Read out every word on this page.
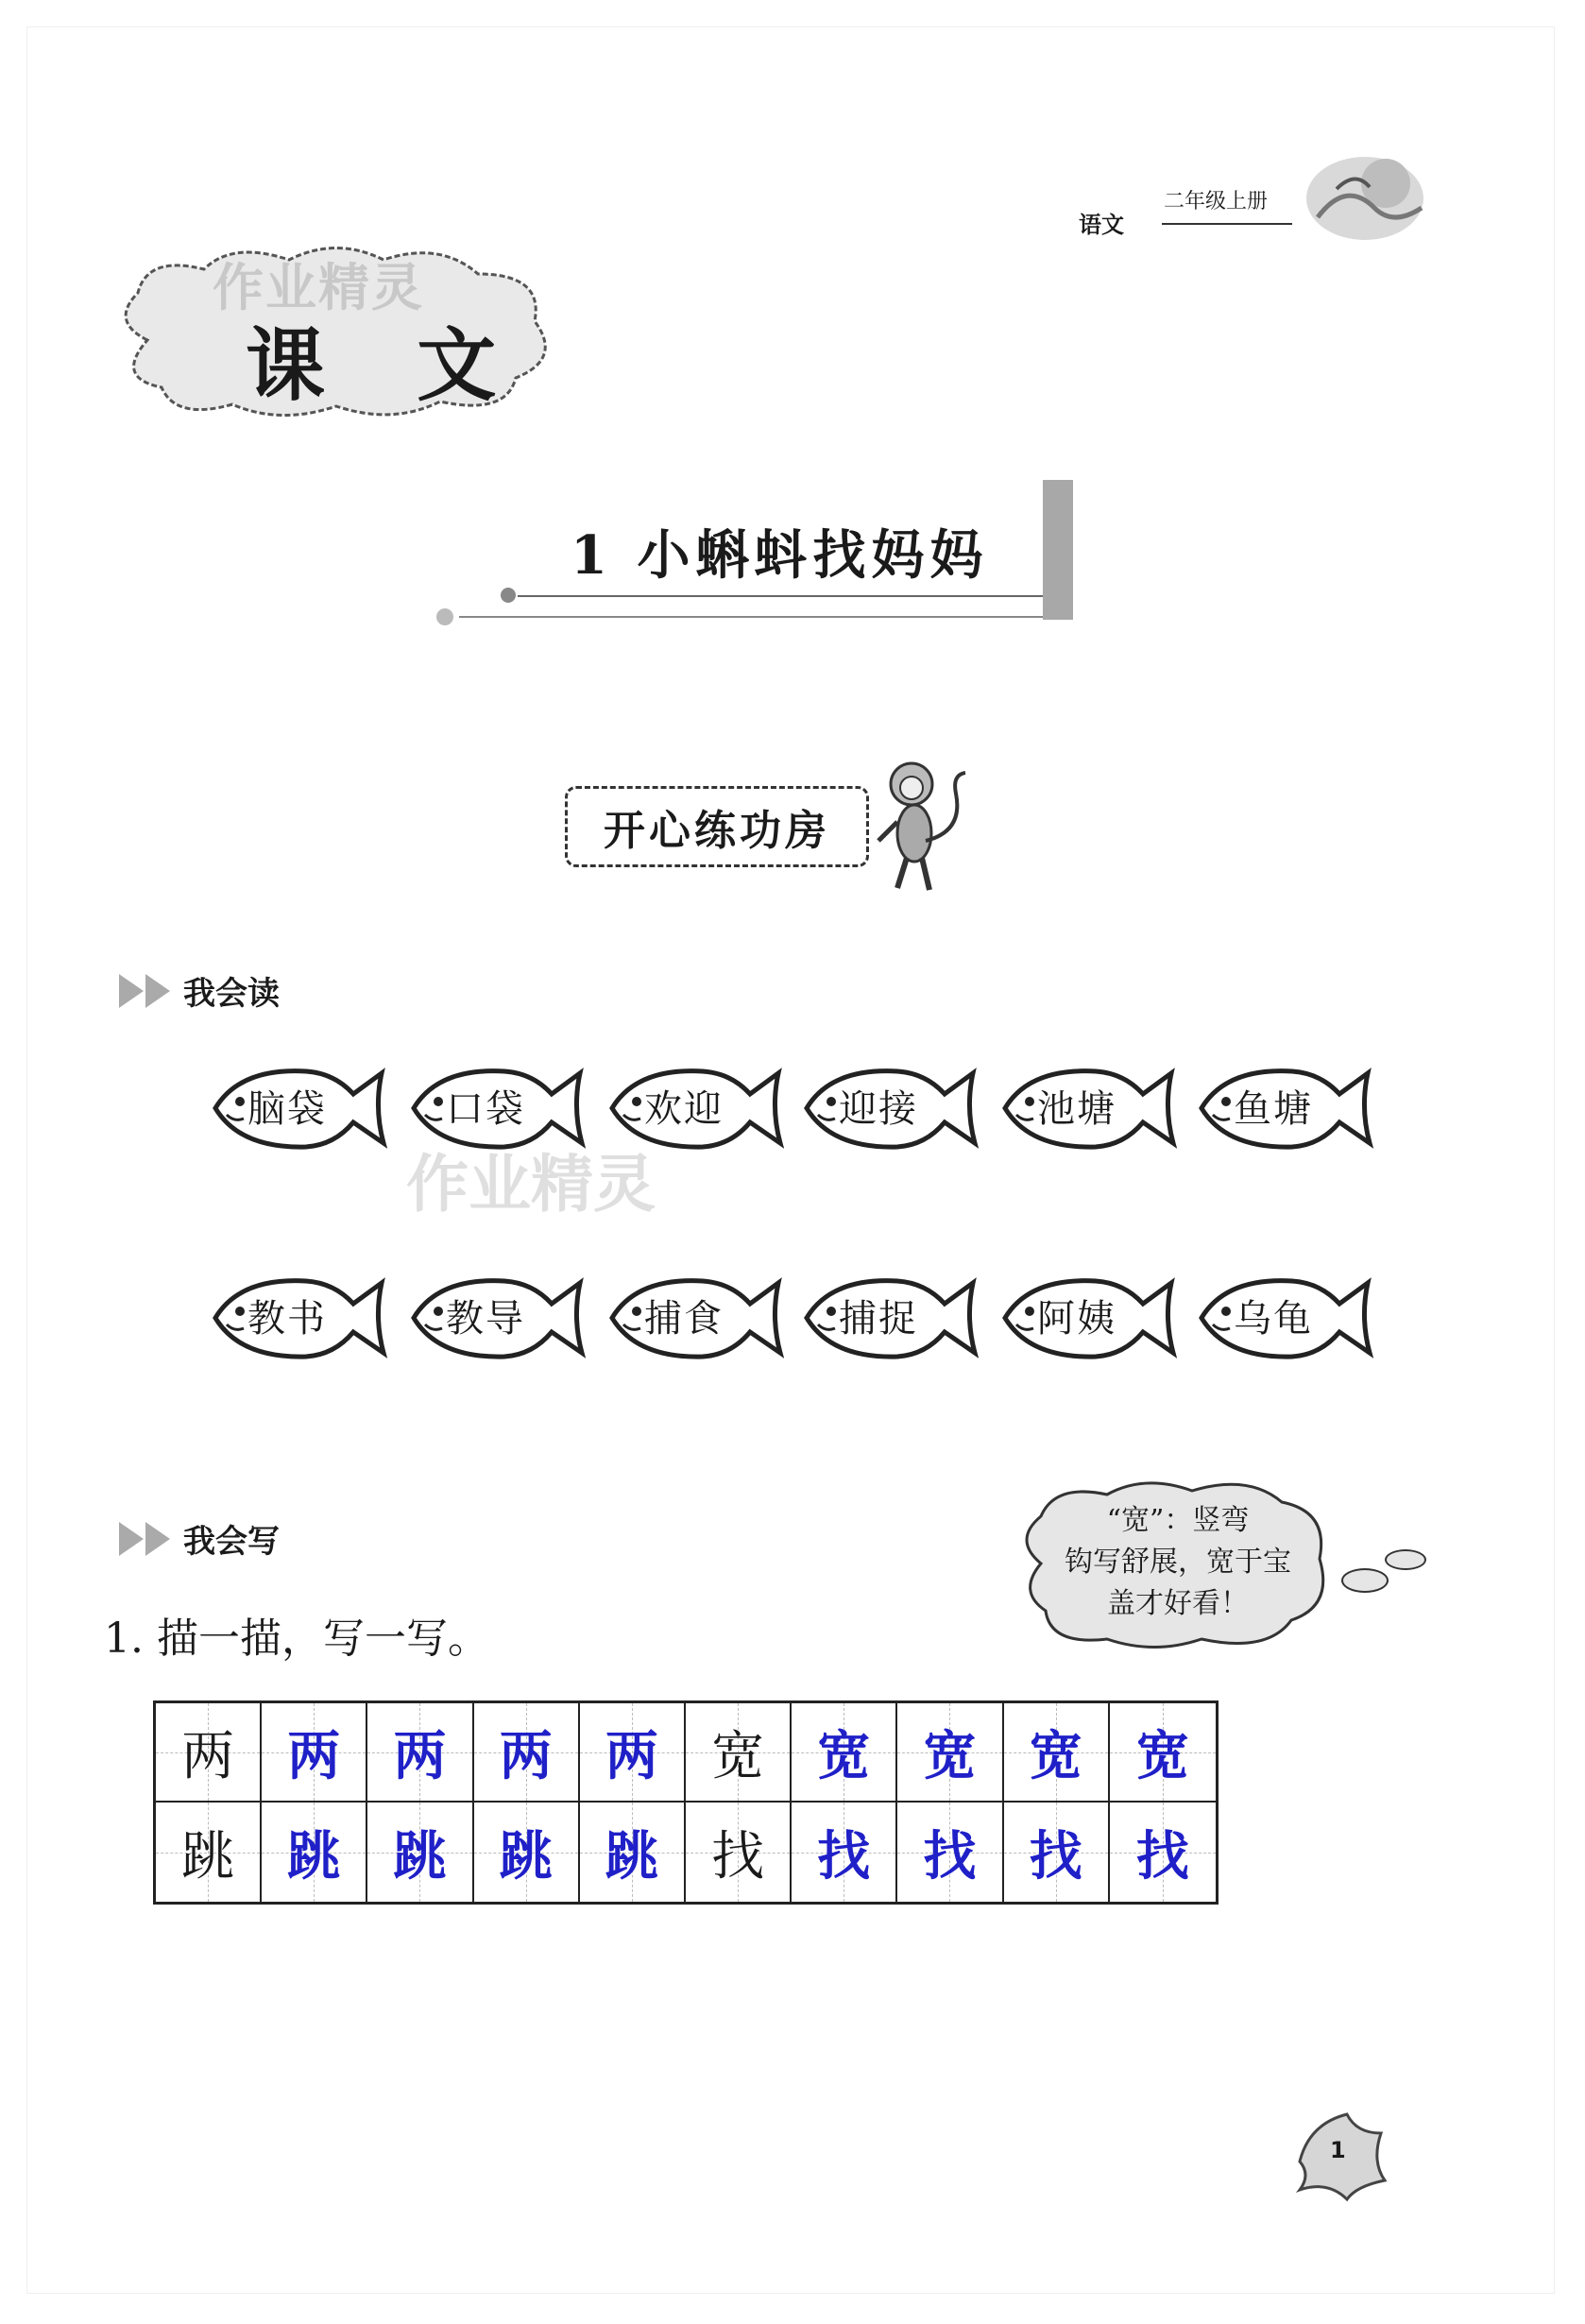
语文
二年级上册
作业精灵
课 文
1 小蝌蚪找妈妈
开心练功房
我会读
脑袋	口袋	欢迎	迎接	池塘	鱼塘
教书	教导	捕食	捕捉	阿姨	乌龟
作业精灵
我会写
“宽”：竖弯
钩写舒展，宽于宝
盖才好看！
1. 描一描，写一写。
两 两 两 两 两 宽 宽 宽 宽 宽
跳 跳 跳 跳 跳 找 找 找 找 找
1
